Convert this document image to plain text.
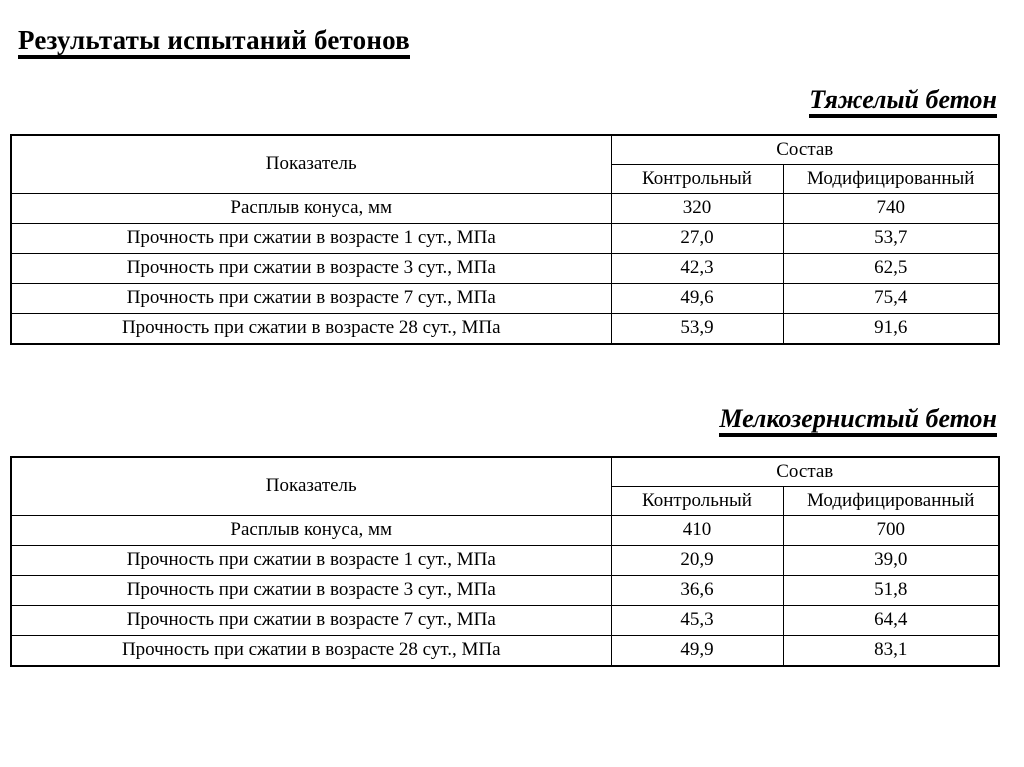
Результаты испытаний бетонов
Тяжелый бетон
Показатель	Состав	
	Контрольный	Модифицированный
Расплыв конуса, мм	320	740
Прочность при сжатии в возрасте 1 сут., МПа	27,0	53,7
Прочность при сжатии в возрасте 3 сут., МПа	42,3	62,5
Прочность при сжатии в возрасте 7 сут., МПа	49,6	75,4
Прочность при сжатии в возрасте 28 сут., МПа	53,9	91,6
Мелкозернистый бетон
Показатель	Состав	
	Контрольный	Модифицированный
Расплыв конуса, мм	410	700
Прочность при сжатии в возрасте 1 сут., МПа	20,9	39,0
Прочность при сжатии в возрасте 3 сут., МПа	36,6	51,8
Прочность при сжатии в возрасте 7 сут., МПа	45,3	64,4
Прочность при сжатии в возрасте 28 сут., МПа	49,9	83,1
